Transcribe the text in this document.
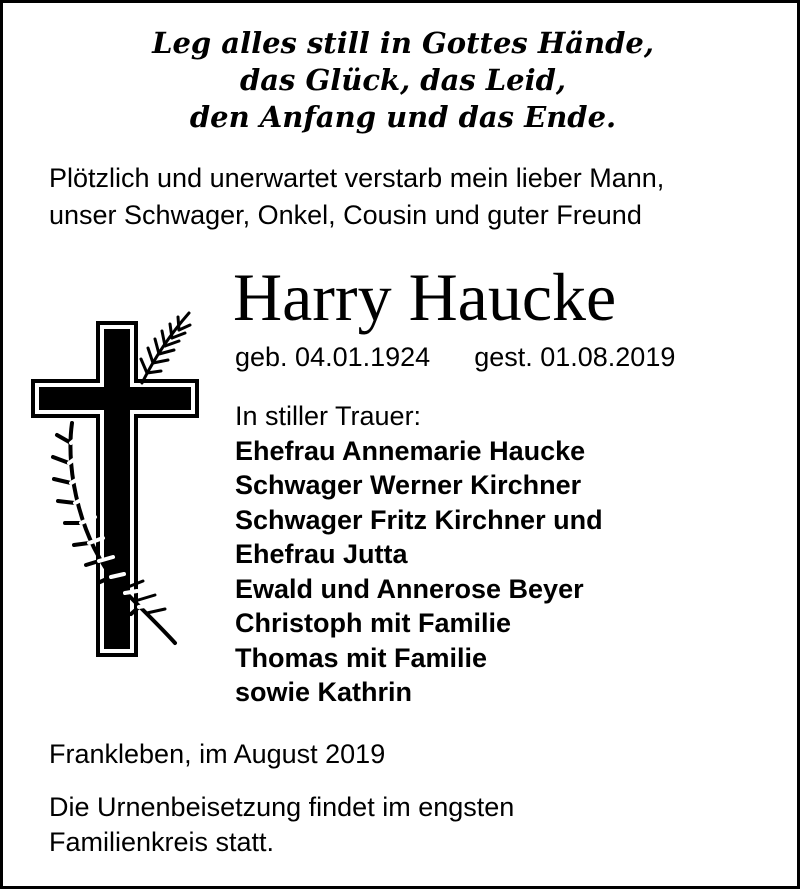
Leg alles still in Gottes Hände,
das Glück, das Leid,
den Anfang und das Ende.
Plötzlich und unerwartet verstarb mein lieber Mann,
unser Schwager, Onkel, Cousin und guter Freund
Harry Haucke
geb. 04.01.1924 gest. 01.08.2019
In stiller Trauer:
Ehefrau Annemarie Haucke
Schwager Werner Kirchner
Schwager Fritz Kirchner und
Ehefrau Jutta
Ewald und Annerose Beyer
Christoph mit Familie
Thomas mit Familie
sowie Kathrin
Frankleben, im August 2019
Die Urnenbeisetzung findet im engsten
Familienkreis statt.
